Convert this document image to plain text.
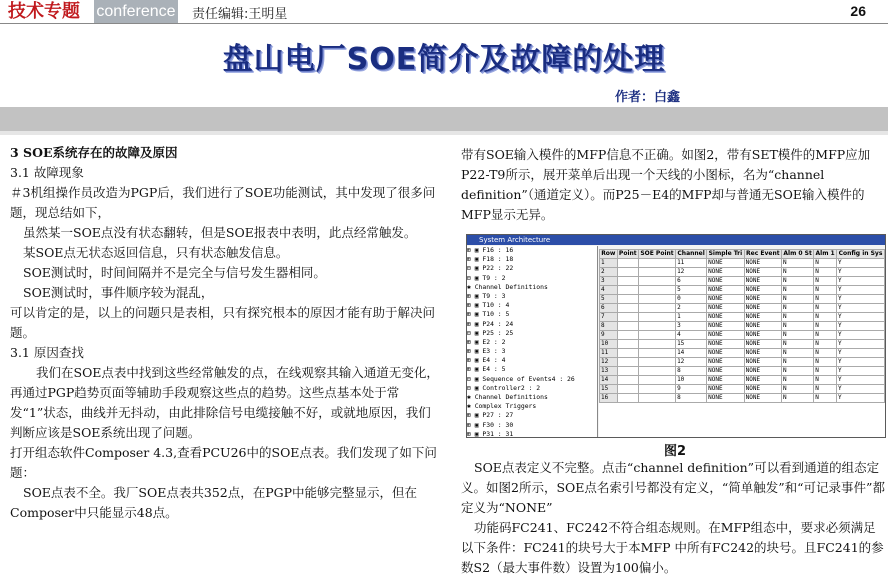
技术专题	conference 责任编辑:王明星	26
盘山电厂SOE简介及故障的处理
作者：白鑫

3 SOE系统存在的故障及原因

3.1 故障现象

＃3机组操作员改造为PGP后，我们进行了SOE功能测试，其中发现了很多问题，现总结如下，

虽然某一SOE点没有状态翻转，但是SOE报表中表明，此点经常触发。

某SOE点无状态返回信息，只有状态触发信息。

SOE测试时，时间间隔并不是完全与信号发生器相同。

SOE测试时，事件顺序较为混乱，

可以肯定的是，以上的问题只是表相，只有探究根本的原因才能有助于解决问题。

3.1 原因查找

我们在SOE点表中找到这些经常触发的点，在线观察其输入通道无变化，再通过PGP趋势页面等辅助手段观察这些点的趋势。这些点基本处于常发“1”状态，曲线并无抖动，由此排除信号电缆接触不好，或就地原因，我们判断应该是SOE系统出现了问题。

打开组态软件Composer 4.3,查看PCU26中的SOE点表。我们发现了如下问题：

SOE点表不全。我厂SOE点表共352点，在PGP中能够完整显示，但在Composer中只能显示48点。

带有SOE输入模件的MFP信息不正确。如图2，带有SET模件的MFP应加P22-T9所示，展开菜单后出现一个天线的小图标，名为“channel definition”（通道定义）。而P25－E4的MFP却与普通无SOE输入模件的MFP显示无异。

System Architecture
⊞ ▣ F16 : 16
⊞ ▣ F18 : 18
⊟ ▣ P22 : 22
⊟ ▣ T9 : 2
✱ Channel Definitions
⊞ ▣ T9 : 3
⊞ ▣ T10 : 4
⊞ ▣ T10 : 5
⊞ ▣ P24 : 24
⊟ ▣ P25 : 25
⊞ ▣ E2 : 2
⊞ ▣ E3 : 3
⊞ ▣ E4 : 4
⊞ ▣ E4 : 5
⊟ ▣ Sequence of Events4 : 26
⊟ ▣ Controller2 : 2
✱ Channel Definitions
✱ Complex Triggers
⊞ ▣ P27 : 27
⊞ ▣ F30 : 30
⊞ ▣ P31 : 31
Row	Point	SOE Point	Channel	Simple Tri	Rec Event	Alm 0 St	Alm 1	Config in Sys
1			11	NONE	NONE	N	N	Y
2			12	NONE	NONE	N	N	Y
3			6	NONE	NONE	N	N	Y
4			5	NONE	NONE	N	N	Y
5			0	NONE	NONE	N	N	Y
6			2	NONE	NONE	N	N	Y
7			1	NONE	NONE	N	N	Y
8			3	NONE	NONE	N	N	Y
9			4	NONE	NONE	N	N	Y
10			15	NONE	NONE	N	N	Y
11			14	NONE	NONE	N	N	Y
12			12	NONE	NONE	N	N	Y
13			8	NONE	NONE	N	N	Y
14			10	NONE	NONE	N	N	Y
15			9	NONE	NONE	N	N	Y
16			8	NONE	NONE	N	N	Y
图2

SOE点表定义不完整。点击“channel definition”可以看到通道的组态定义。如图2所示，SOE点名索引号都没有定义，“简单触发”和“可记录事件”都定义为“NONE”

功能码FC241、FC242不符合组态规则。在MFP组态中，要求必须满足以下条件：FC241的块号大于本MFP 中所有FC242的块号。且FC241的参数S2（最大事件数）设置为100偏小。
